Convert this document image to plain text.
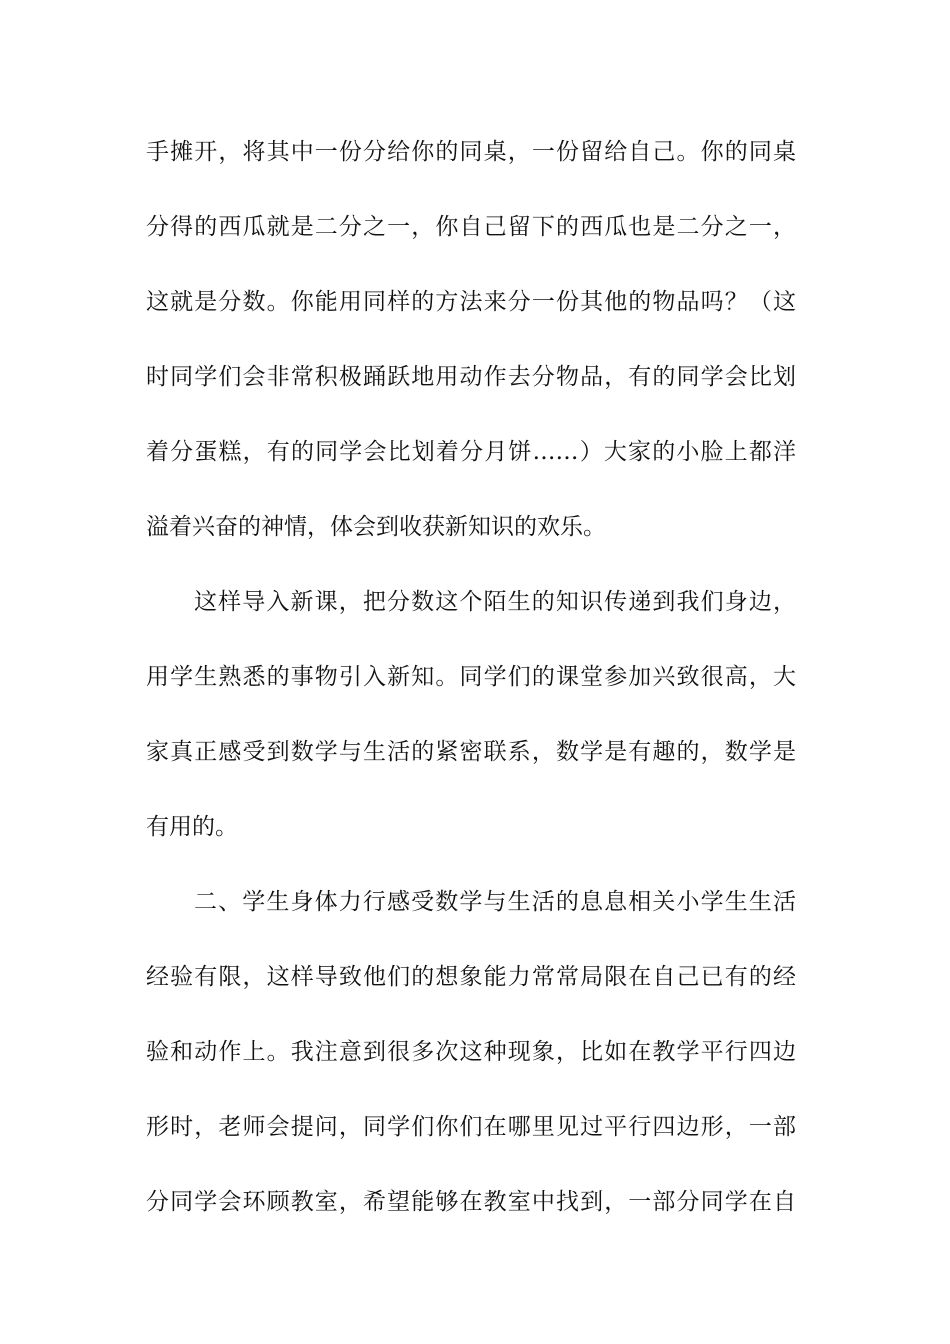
手摊开，将其中一份分给你的同桌，一份留给自己。你的同桌
分得的西瓜就是二分之一，你自己留下的西瓜也是二分之一，
这就是分数。你能用同样的方法来分一份其他的物品吗？（这
时同学们会非常积极踊跃地用动作去分物品，有的同学会比划
着分蛋糕，有的同学会比划着分月饼……）大家的小脸上都洋
溢着兴奋的神情，体会到收获新知识的欢乐。
这样导入新课，把分数这个陌生的知识传递到我们身边，
用学生熟悉的事物引入新知。同学们的课堂参加兴致很高，大
家真正感受到数学与生活的紧密联系，数学是有趣的，数学是
有用的。
二、学生身体力行感受数学与生活的息息相关小学生生活
经验有限，这样导致他们的想象能力常常局限在自己已有的经
验和动作上。我注意到很多次这种现象，比如在教学平行四边
形时，老师会提问，同学们你们在哪里见过平行四边形，一部
分同学会环顾教室，希望能够在教室中找到，一部分同学在自
